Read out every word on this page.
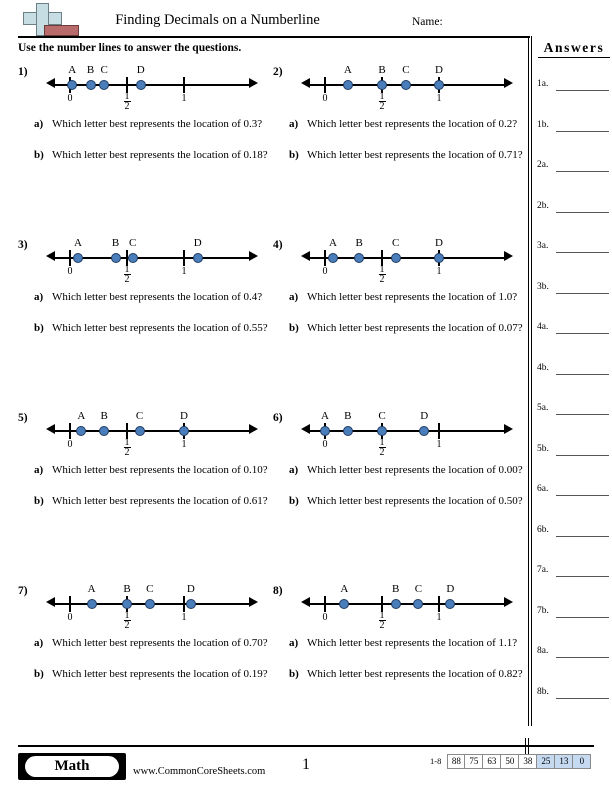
Finding Decimals on a Numberline	Name:
Use the number lines to answer the questions.	Answers
1a.
1b.
2a.
2b.
3a.
3b.
4a.
4b.
5a.
5b.
6a.
6b.
7a.
7b.
8a.
8b.
1)
0	$\frac{1}{2}$	1
A B C	D
a) Which letter best represents the location of 0.3?
b) Which letter best represents the location of 0.18?
2)
0	$\frac{1}{2}$	1
A	B	C	D
a) Which letter best represents the location of 0.2?
b) Which letter best represents the location of 0.71?
3)
0	$\frac{1}{2}$	1
A	B C	D
a) Which letter best represents the location of 0.4?
b) Which letter best represents the location of 0.55?
4)
0	$\frac{1}{2}$	1
A	B	C	D
a) Which letter best represents the location of 1.0?
b) Which letter best represents the location of 0.07?
5)
0	$\frac{1}{2}$	1
A	B	C	D
a) Which letter best represents the location of 0.10?
b) Which letter best represents the location of 0.61?
6)
0	$\frac{1}{2}$	1
A	B	C	D
a) Which letter best represents the location of 0.00?
b) Which letter best represents the location of 0.50?
7)
0	$\frac{1}{2}$	1
A	B	C	D
a) Which letter best represents the location of 0.70?
b) Which letter best represents the location of 0.19?
8)
0	$\frac{1}{2}$	1
A	B	C	D
a) Which letter best represents the location of 1.1?
b) Which letter best represents the location of 0.82?
Math	www.CommonCoreSheets.com	1	1-8	88 75	63	50	38	25	13	0
